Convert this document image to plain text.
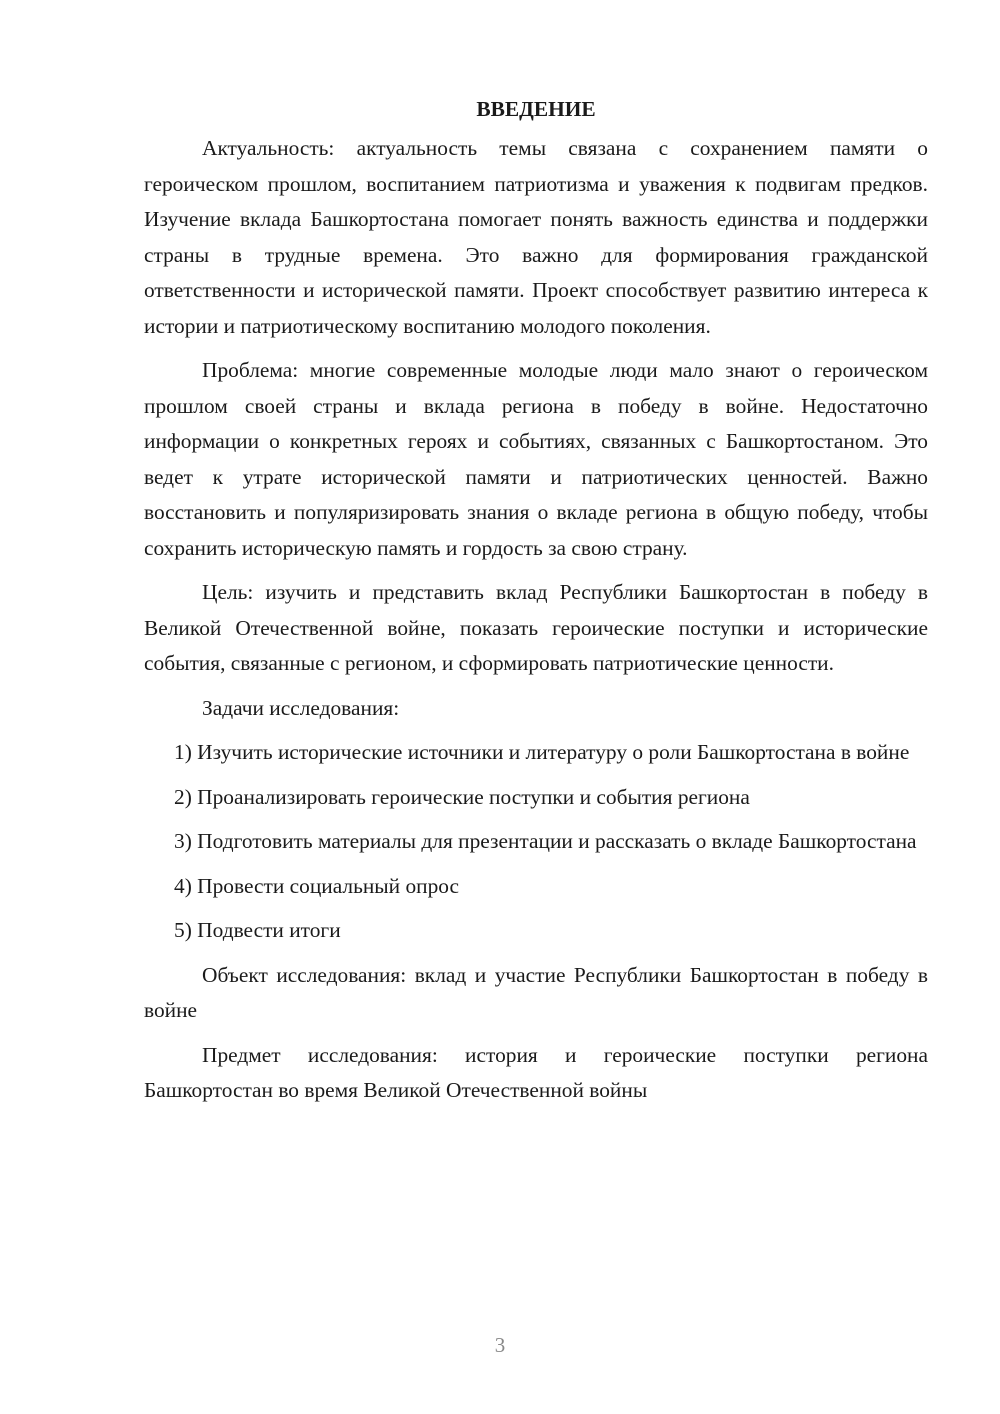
ВВЕДЕНИЕ

Актуальность: актуальность темы связана с сохранением памяти о героическом прошлом, воспитанием патриотизма и уважения к подвигам предков. Изучение вклада Башкортостана помогает понять важность единства и поддержки страны в трудные времена. Это важно для формирования гражданской ответственности и исторической памяти. Проект способствует развитию интереса к истории и патриотическому воспитанию молодого поколения.

Проблема: многие современные молодые люди мало знают о героическом прошлом своей страны и вклада региона в победу в войне. Недостаточно информации о конкретных героях и событиях, связанных с Башкортостаном. Это ведет к утрате исторической памяти и патриотических ценностей. Важно восстановить и популяризировать знания о вкладе региона в общую победу, чтобы сохранить историческую память и гордость за свою страну.

Цель: изучить и представить вклад Республики Башкортостан в победу в Великой Отечественной войне, показать героические поступки и исторические события, связанные с регионом, и сформировать патриотические ценности.

Задачи исследования:

1) Изучить исторические источники и литературу о роли Башкортостана в войне

2) Проанализировать героические поступки и события региона

3) Подготовить материалы для презентации и рассказать о вкладе Башкортостана

4) Провести социальный опрос

5) Подвести итоги

Объект исследования: вклад и участие Республики Башкортостан в победу в войне

Предмет исследования: история и героические поступки региона Башкортостан во время Великой Отечественной войны

3
